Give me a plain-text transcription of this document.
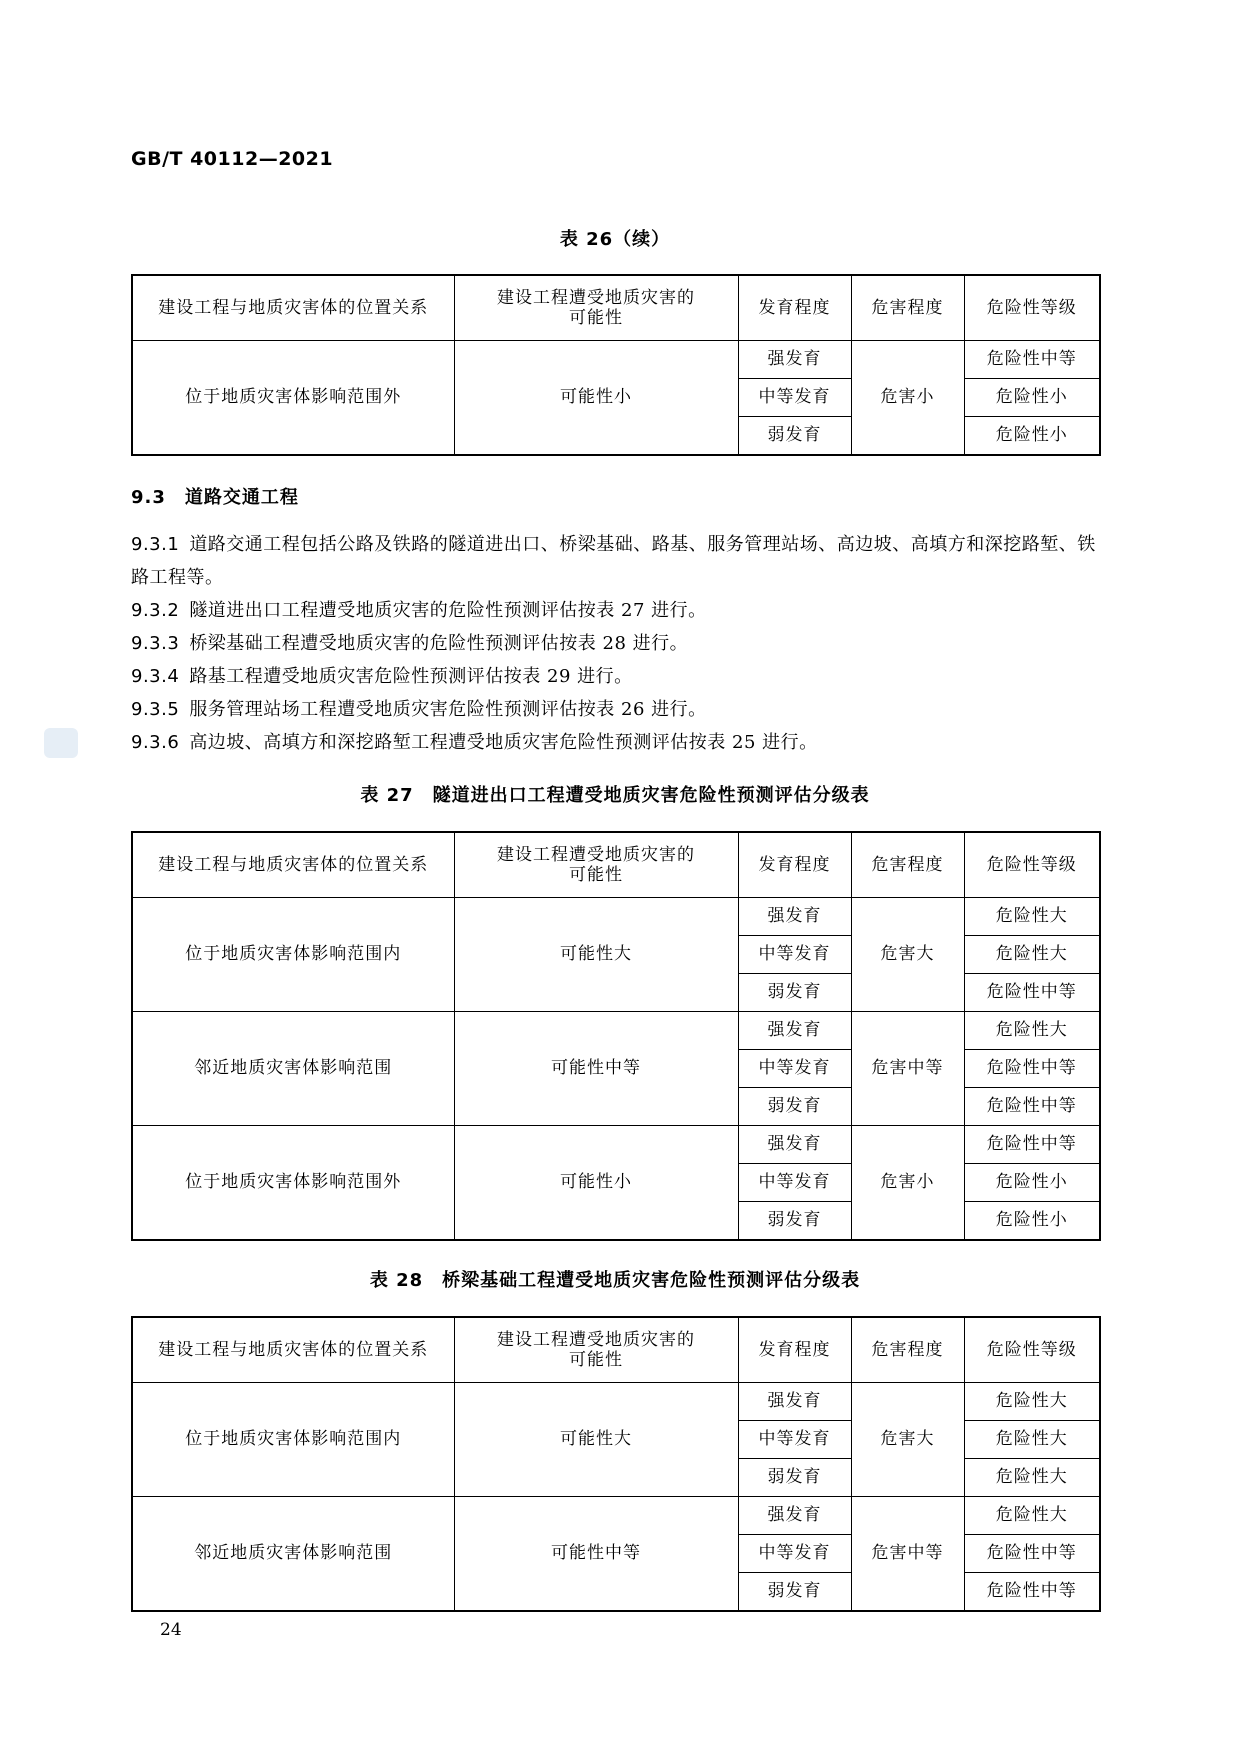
GB/T 40112—2021
表 26（续）
建设工程与地质灾害体的位置关系	建设工程遭受地质灾害的
可能性	发育程度	危害程度	危险性等级
位于地质灾害体影响范围外	可能性小	强发育	危害小	危险性中等
		中等发育		危险性小
		弱发育		危险性小
9.3　道路交通工程
9.3.1 道路交通工程包括公路及铁路的隧道进出口、桥梁基础、路基、服务管理站场、高边坡、高填方和深挖路堑、铁路工程等。
9.3.2 隧道进出口工程遭受地质灾害的危险性预测评估按表 27 进行。
9.3.3 桥梁基础工程遭受地质灾害的危险性预测评估按表 28 进行。
9.3.4 路基工程遭受地质灾害危险性预测评估按表 29 进行。
9.3.5 服务管理站场工程遭受地质灾害危险性预测评估按表 26 进行。
9.3.6 高边坡、高填方和深挖路堑工程遭受地质灾害危险性预测评估按表 25 进行。
表 27　隧道进出口工程遭受地质灾害危险性预测评估分级表
建设工程与地质灾害体的位置关系	建设工程遭受地质灾害的
可能性	发育程度	危害程度	危险性等级
位于地质灾害体影响范围内	可能性大	强发育	危害大	危险性大
		中等发育		危险性大
		弱发育		危险性中等
邻近地质灾害体影响范围	可能性中等	强发育	危害中等	危险性大
		中等发育		危险性中等
		弱发育		危险性中等
位于地质灾害体影响范围外	可能性小	强发育	危害小	危险性中等
		中等发育		危险性小
		弱发育		危险性小
表 28　桥梁基础工程遭受地质灾害危险性预测评估分级表
建设工程与地质灾害体的位置关系	建设工程遭受地质灾害的
可能性	发育程度	危害程度	危险性等级
位于地质灾害体影响范围内	可能性大	强发育	危害大	危险性大
		中等发育		危险性大
		弱发育		危险性大
邻近地质灾害体影响范围	可能性中等	强发育	危害中等	危险性大
		中等发育		危险性中等
		弱发育		危险性中等
24
